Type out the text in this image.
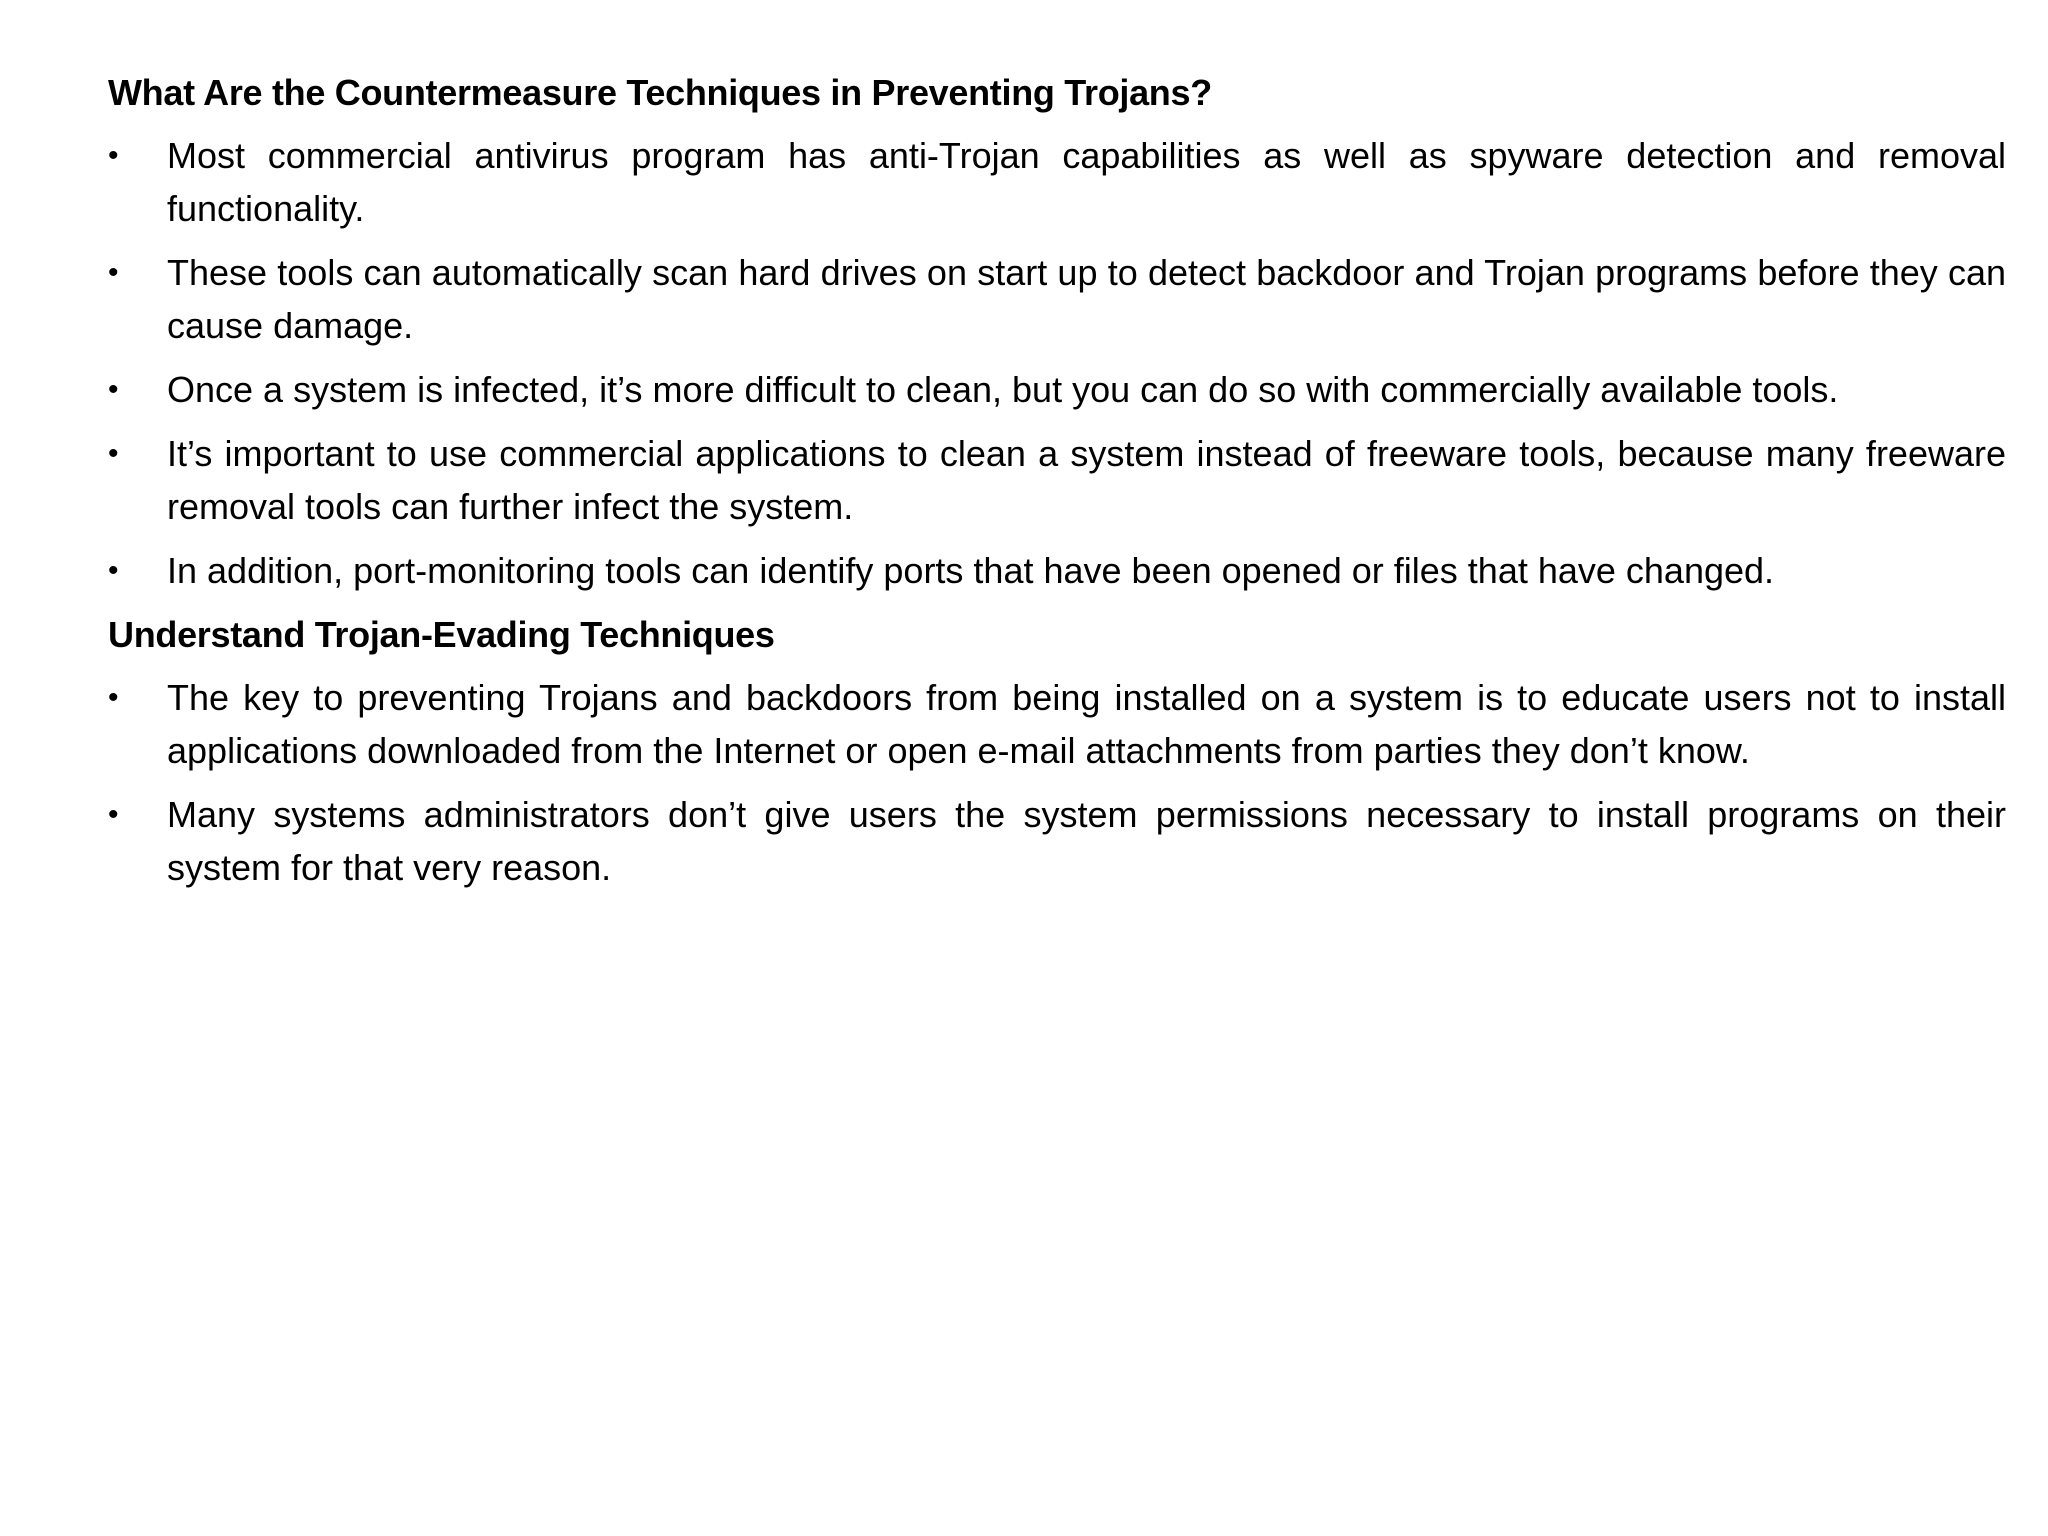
What Are the Countermeasure Techniques in Preventing Trojans?
• Most commercial antivirus program has anti-Trojan capabilities as well as spyware detection and removal functionality.
• These tools can automatically scan hard drives on start up to detect backdoor and Trojan programs before they can cause damage.
• Once a system is infected, it’s more difficult to clean, but you can do so with commercially available tools.
• It’s important to use commercial applications to clean a system instead of freeware tools, because many freeware removal tools can further infect the system.
• In addition, port-monitoring tools can identify ports that have been opened or files that have changed.
Understand Trojan-Evading Techniques
• The key to preventing Trojans and backdoors from being installed on a system is to educate users not to install applications downloaded from the Internet or open e-mail attachments from parties they don’t know.
• Many systems administrators don’t give users the system permissions necessary to install programs on their system for that very reason.
